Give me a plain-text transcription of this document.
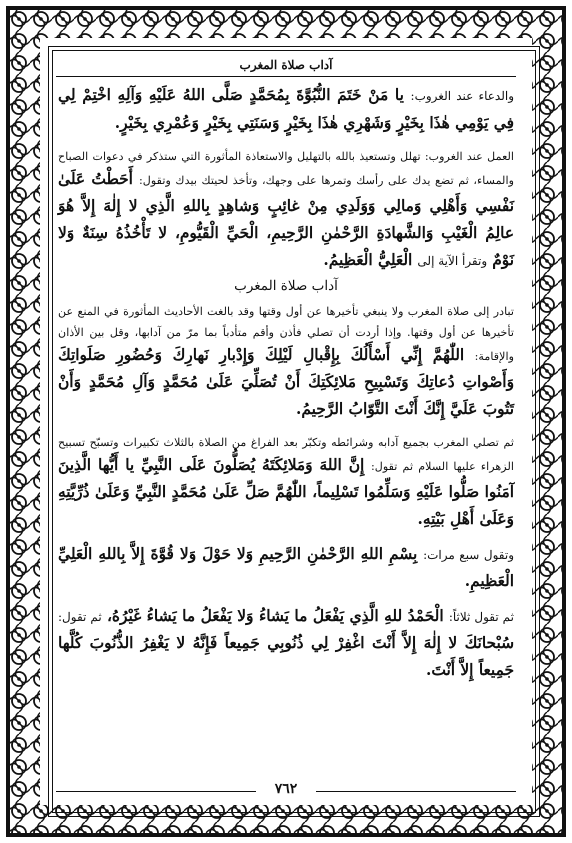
آداب صلاة المغرب

والدعاء عند الغروب: يا مَنْ خَتَمَ النُّبُوَّةَ بِمُحَمَّدٍ صَلَّى اللهُ عَلَيْهِ وَآلِهِ اخْتِمْ لِي فِي يَوْمِي هٰذَا بِخَيْرٍ وَشَهْرِي هٰذَا بِخَيْرٍ وَسَنَتِي بِخَيْرٍ وَعُمْرِي بِخَيْرٍ.

العمل عند الغروب: تهلل وتستعيذ بالله بالتهليل والاستعاذة المأثورة التي ستذكر في دعوات الصباح والمساء، ثم تضع يدك على رأسك وتمرها على وجهك، وتأخذ لحيتك بيدك وتقول: أَحَطْتُ عَلَىٰ نَفْسِي وَأَهْلِي وَمالِي وَوَلَدِي مِنْ غائِبٍ وَشاهِدٍ بِاللهِ الَّذِي لا إِلٰهَ إِلاَّ هُوَ عالِمُ الْغَيْبِ وَالشَّهادَةِ الرَّحْمٰنِ الرَّحِيمِ، الْحَيِّ الْقَيُّومِ، لا تَأْخُذُهُ سِنَةٌ وَلا نَوْمٌ وتقرأ الآية إلى الْعَلِيُّ الْعَظِيمُ.

آداب صلاة المغرب

تبادر إلى صلاة المغرب ولا ينبغي تأخيرها عن أول وقتها وقد بالغت الأحاديث المأثورة في المنع عن تأخيرها عن أول وقتها. وإذا أردت أن تصلي فأذن وأقم متأدباً بما مرّ من آدابها، وقل بين الأذان والإقامة: اللّٰهُمَّ إِنِّي أَسْأَلُكَ بِإِقْبالِ لَيْلِكَ وَإِدْبارِ نَهارِكَ وَحُضُورِ صَلَواتِكَ وَأَصْواتِ دُعاتِكَ وَتَسْبِيحِ مَلائِكَتِكَ أَنْ تُصَلِّيَ عَلَىٰ مُحَمَّدٍ وَآلِ مُحَمَّدٍ وَأَنْ تَتُوبَ عَلَيَّ إِنَّكَ أَنْتَ التَّوّابُ الرَّحِيمُ.

ثم تصلي المغرب بجميع آدابه وشرائطه وتكبّر بعد الفراغ من الصلاة بالثلاث تكبيرات وتسبّح تسبيح الزهراء عليها السلام ثم تقول: إِنَّ اللهَ وَمَلائِكَتَهُ يُصَلُّونَ عَلَى النَّبِيِّ يا أَيُّها الَّذِينَ آمَنُوا صَلُّوا عَلَيْهِ وَسَلِّمُوا تَسْلِيماً، اللّٰهُمَّ صَلِّ عَلَىٰ مُحَمَّدٍ النَّبِيِّ وَعَلَىٰ ذُرِّيَّتِهِ وَعَلَىٰ أَهْلِ بَيْتِهِ.

وتقول سبع مرات: بِسْمِ اللهِ الرَّحْمٰنِ الرَّحِيمِ وَلا حَوْلَ وَلا قُوَّةَ إِلاَّ بِاللهِ الْعَلِيِّ الْعَظِيمِ.

ثم تقول ثلاثاً: الْحَمْدُ للهِ الَّذِي يَفْعَلُ ما يَشاءُ وَلا يَفْعَلُ ما يَشاءُ غَيْرُهُ، ثم تقول: سُبْحانَكَ لا إِلٰهَ إِلاَّ أَنْتَ اغْفِرْ لِي ذُنُوبِي جَمِيعاً فَإِنَّهُ لا يَغْفِرُ الذُّنُوبَ كُلَّها جَمِيعاً إِلاَّ أَنْتَ.

٧٦٢
